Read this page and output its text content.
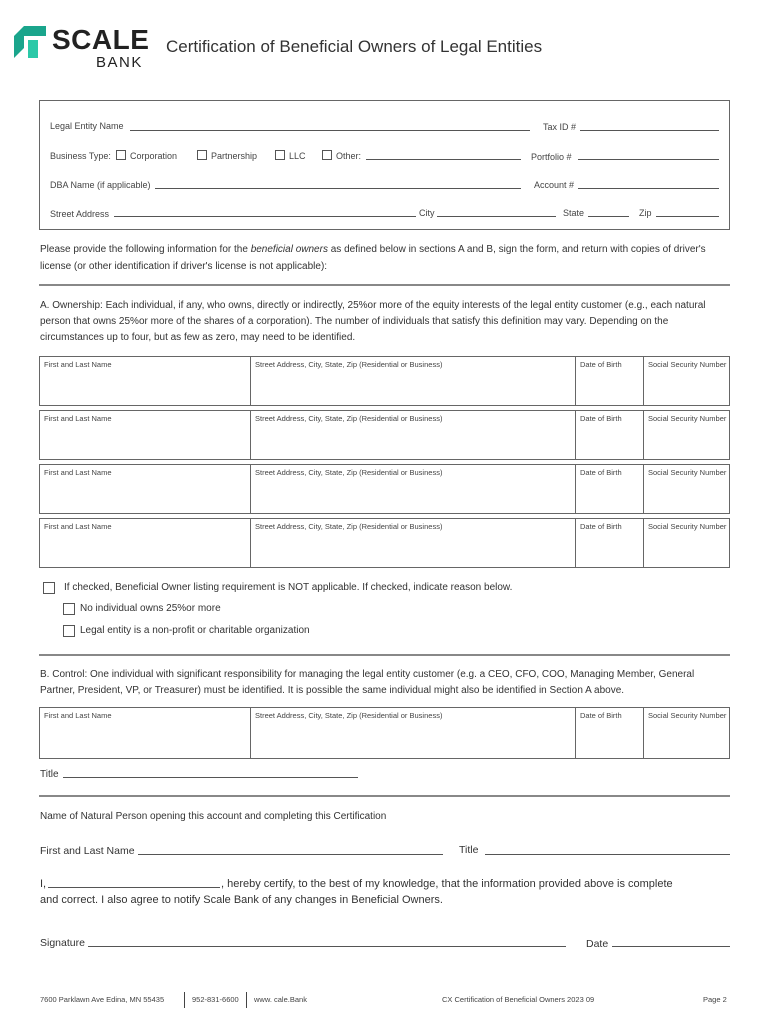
SCALE
BANK
Certification of Beneficial Owners of Legal Entities
Legal Entity Name	Tax ID #
Business Type: Corporation	Partnership	LLC	Other:	Portfolio #
DBA Name (if applicable)	Account #
Street Address	City	State	Zip
Please provide the following information for the beneficial owners as defined below in sections A and B, sign the form, and return with copies of driver's license (or other identification if driver's license is not applicable):
A. Ownership: Each individual, if any, who owns, directly or indirectly, 25%or more of the equity interests of the legal entity customer (e.g., each natural person that owns 25%or more of the shares of a corporation). The number of individuals that satisfy this definition may vary. Depending on the circumstances up to four, but as few as zero, may need to be identified.
First and Last Name	Street Address, City, State, Zip (Residential or Business)	Date of Birth	Social Security Number
First and Last Name	Street Address, City, State, Zip (Residential or Business)	Date of Birth	Social Security Number
First and Last Name	Street Address, City, State, Zip (Residential or Business)	Date of Birth	Social Security Number
First and Last Name	Street Address, City, State, Zip (Residential or Business)	Date of Birth	Social Security Number
If checked, Beneficial Owner listing requirement is NOT applicable. If checked, indicate reason below.
No individual owns 25%or more
Legal entity is a non-profit or charitable organization
B. Control: One individual with significant responsibility for managing the legal entity customer (e.g. a CEO, CFO, COO, Managing Member, General Partner, President, VP, or Treasurer) must be identified. It is possible the same individual might also be identified in Section A above.
First and Last Name	Street Address, City, State, Zip (Residential or Business)	Date of Birth	Social Security Number
Title
Name of Natural Person opening this account and completing this Certification
First and Last Name	Title
I,	, hereby certify, to the best of my knowledge, that the information provided above is complete
and correct. I also agree to notify Scale Bank of any changes in Beneficial Owners.
Signature	Date
7600 Parklawn Ave Edina, MN 55435	952-831-6600 www. cale.Bank	CX Certification of Beneficial Owners 2023 09	Page 2
